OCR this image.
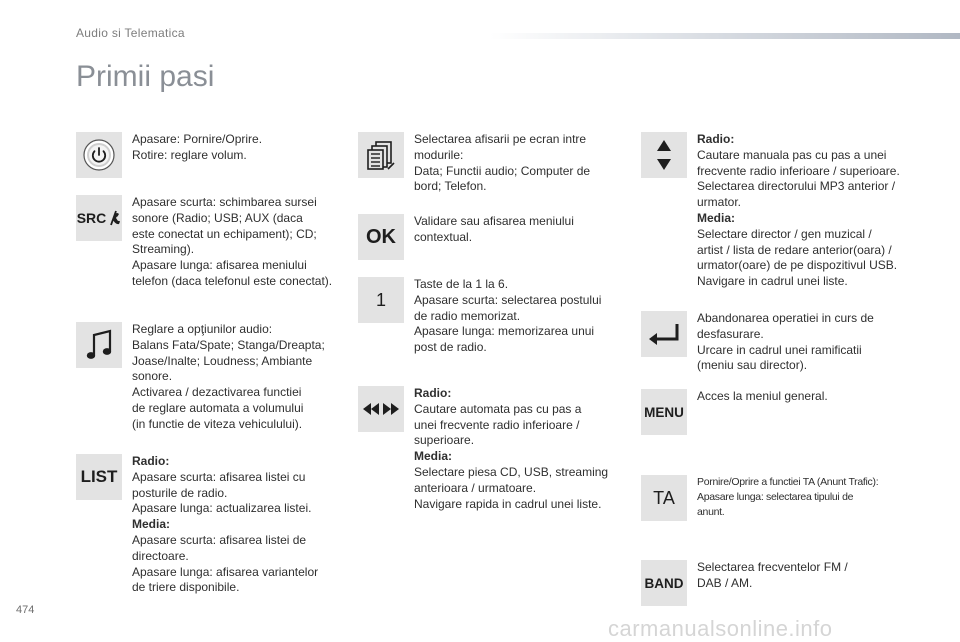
Audio si Telematica
Primii pasi
Apasare: Pornire/Oprire.
Rotire: reglare volum.
SRC
Apasare scurta: schimbarea sursei
sonore (Radio; USB; AUX (daca
este conectat un echipament); CD;
Streaming).
Apasare lunga: afisarea meniului
telefon (daca telefonul este conectat).
Reglare a opţiunilor audio:
Balans Fata/Spate; Stanga/Dreapta;
Joase/Inalte; Loudness; Ambiante
sonore.
Activarea / dezactivarea functiei
de reglare automata a volumului
(in functie de viteza vehiculului).
LIST
Radio:
Apasare scurta: afisarea listei cu
posturile de radio.
Apasare lunga: actualizarea listei.
Media:
Apasare scurta: afisarea listei de
directoare.
Apasare lunga: afisarea variantelor
de triere disponibile.
Selectarea afisarii pe ecran intre
modurile:
Data; Functii audio; Computer de
bord; Telefon.
OK
Validare sau afisarea meniului
contextual.
1
Taste de la 1 la 6.
Apasare scurta: selectarea postului
de radio memorizat.
Apasare lunga: memorizarea unui
post de radio.
Radio:
Cautare automata pas cu pas a
unei frecvente radio inferioare /
superioare.
Media:
Selectare piesa CD, USB, streaming
anterioara / urmatoare.
Navigare rapida in cadrul unei liste.
Radio:
Cautare manuala pas cu pas a unei
frecvente radio inferioare / superioare.
Selectarea directorului MP3 anterior /
urmator.
Media:
Selectare director / gen muzical /
artist / lista de redare anterior(oara) /
urmator(oare) de pe dispozitivul USB.
Navigare in cadrul unei liste.
Abandonarea operatiei in curs de
desfasurare.
Urcare in cadrul unei ramificatii
(meniu sau director).
MENU
Acces la meniul general.
TA
Pornire/Oprire a functiei TA (Anunt Trafic):
Apasare lunga: selectarea tipului de
anunt.
BAND
Selectarea frecventelor FM /
DAB / AM.
474
carmanualsonline.info
